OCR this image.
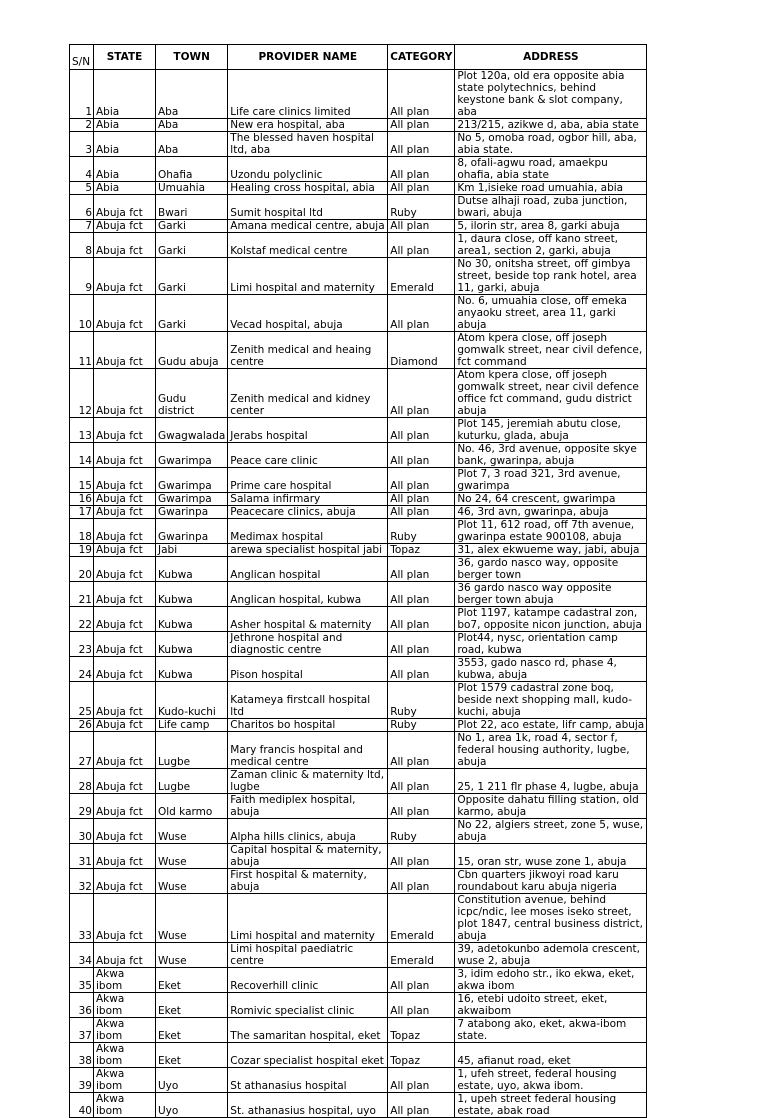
S/N	STATE	TOWN	PROVIDER NAME	CATEGORY	ADDRESS
1	Abia	Aba	Life care clinics limited	All plan	Plot 120a, old era opposite abia state polytechnics, behind keystone bank & slot company, aba
2	Abia	Aba	New era hospital, aba	All plan	213/215, azikwe d, aba, abia state
3	Abia	Aba	The blessed haven hospital ltd, aba	All plan	No 5, omoba road, ogbor hill, aba, abia state.
4	Abia	Ohafia	Uzondu polyclinic	All plan	8, ofali-agwu road, amaekpu ohafia, abia state
5	Abia	Umuahia	Healing cross hospital, abia	All plan	Km 1,isieke road umuahia, abia
6	Abuja fct	Bwari	Sumit hospital ltd	Ruby	Dutse alhaji road, zuba junction, bwari, abuja
7	Abuja fct	Garki	Amana medical centre, abuja	All plan	5, ilorin str, area 8, garki abuja
8	Abuja fct	Garki	Kolstaf medical centre	All plan	1, daura close, off kano street, area1, section 2, garki, abuja
9	Abuja fct	Garki	Limi hospital and maternity	Emerald	No 30, onitsha street, off gimbya street, beside top rank hotel, area 11, garki, abuja
10	Abuja fct	Garki	Vecad hospital, abuja	All plan	No. 6, umuahia close, off emeka anyaoku street, area 11, garki abuja
11	Abuja fct	Gudu abuja	Zenith medical and heaing centre	Diamond	Atom kpera close, off joseph gomwalk street, near civil defence, fct command
12	Abuja fct	Gudu district	Zenith medical and kidney center	All plan	Atom kpera close, off joseph gomwalk street, near civil defence office fct command, gudu district abuja
13	Abuja fct	Gwagwalada	Jerabs hospital	All plan	Plot 145, jeremiah abutu close, kuturku, glada, abuja
14	Abuja fct	Gwarimpa	Peace care clinic	All plan	No. 46, 3rd avenue, opposite skye bank, gwarinpa, abuja
15	Abuja fct	Gwarimpa	Prime care hospital	All plan	Plot 7, 3 road 321, 3rd avenue, gwarimpa
16	Abuja fct	Gwarimpa	Salama infirmary	All plan	No 24, 64 crescent, gwarimpa
17	Abuja fct	Gwarinpa	Peacecare clinics, abuja	All plan	46, 3rd avn, gwarinpa, abuja
18	Abuja fct	Gwarinpa	Medimax hospital	Ruby	Plot 11, 612 road, off 7th avenue, gwarinpa estate 900108, abuja
19	Abuja fct	Jabi	arewa specialist hospital jabi	Topaz	31, alex ekwueme way, jabi, abuja
20	Abuja fct	Kubwa	Anglican hospital	All plan	36, gardo nasco way, opposite berger town
21	Abuja fct	Kubwa	Anglican hospital, kubwa	All plan	36 gardo nasco way opposite berger town abuja
22	Abuja fct	Kubwa	Asher hospital & maternity	All plan	Plot 1197, katampe cadastral zon, bo7, opposite nicon junction, abuja
23	Abuja fct	Kubwa	Jethrone hospital and diagnostic centre	All plan	Plot44, nysc, orientation camp road, kubwa
24	Abuja fct	Kubwa	Pison hospital	All plan	3553, gado nasco rd, phase 4, kubwa, abuja
25	Abuja fct	Kudo-kuchi	Katameya firstcall hospital ltd	Ruby	Plot 1579 cadastral zone boq, beside next shopping mall, kudo-kuchi, abuja
26	Abuja fct	Life camp	Charitos bo hospital	Ruby	Plot 22, aco estate, lifr camp, abuja
27	Abuja fct	Lugbe	Mary francis hospital and medical centre	All plan	No 1, area 1k, road 4, sector f, federal housing authority, lugbe, abuja
28	Abuja fct	Lugbe	Zaman clinic & maternity ltd, lugbe	All plan	25, 1 211 flr phase 4, lugbe, abuja
29	Abuja fct	Old karmo	Faith mediplex hospital, abuja	All plan	Opposite dahatu filling station, old karmo, abuja
30	Abuja fct	Wuse	Alpha hills clinics, abuja	Ruby	No 22, algiers street, zone 5, wuse, abuja
31	Abuja fct	Wuse	Capital hospital & maternity, abuja	All plan	15, oran str, wuse zone 1, abuja
32	Abuja fct	Wuse	First hospital & maternity, abuja	All plan	Cbn quarters jikwoyi road karu roundabout karu abuja nigeria
33	Abuja fct	Wuse	Limi hospital and maternity	Emerald	Constitution avenue, behind icpc/ndic, lee moses iseko street, plot 1847, central business district, abuja
34	Abuja fct	Wuse	Limi hospital paediatric centre	Emerald	39, adetokunbo ademola crescent, wuse 2, abuja
35	Akwa ibom	Eket	Recoverhill clinic	All plan	3, idim edoho str., iko ekwa, eket, akwa ibom
36	Akwa ibom	Eket	Romivic specialist clinic	All plan	16, etebi udoito street, eket, akwaibom
37	Akwa ibom	Eket	The samaritan hospital, eket	Topaz	7 atabong ako, eket, akwa-ibom state.
38	Akwa ibom	Eket	Cozar specialist hospital eket	Topaz	45, afianut road, eket
39	Akwa ibom	Uyo	St athanasius hospital	All plan	1, ufeh street, federal housing estate, uyo, akwa ibom.
40	Akwa ibom	Uyo	St. athanasius hospital, uyo	All plan	1, upeh street federal housing estate, abak road
